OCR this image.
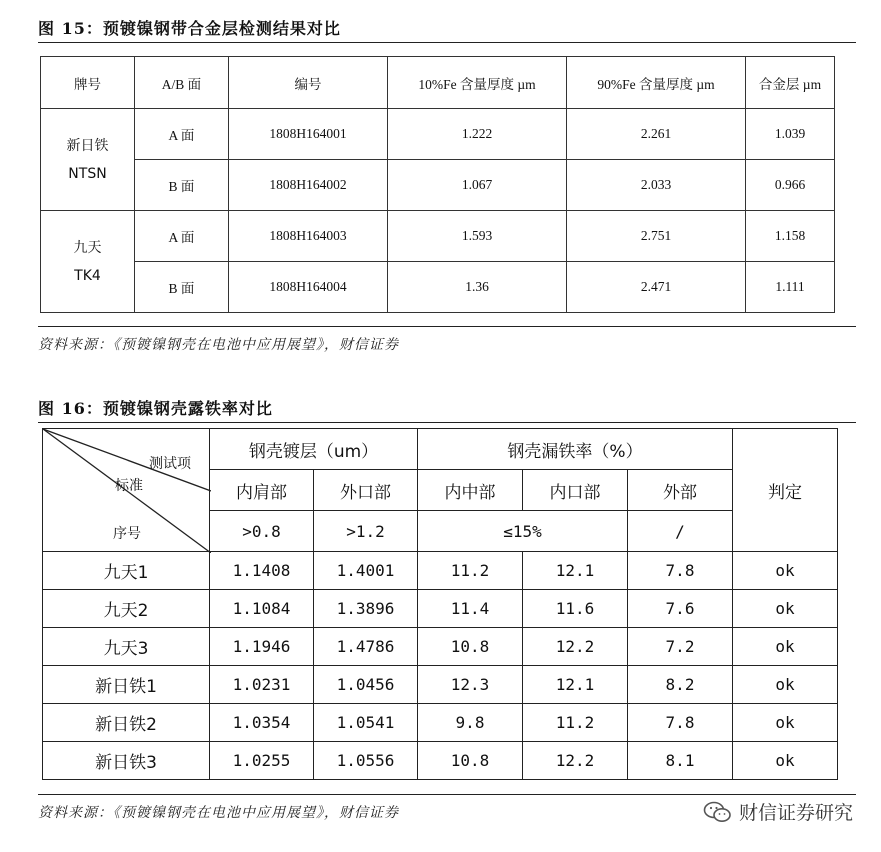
图 15：预镀镍钢带合金层检测结果对比
牌号	A/B 面	编号	10%Fe 含量厚度 µm	90%Fe 含量厚度 µm	合金层 µm

新日铁
NTSN	A 面	1808H164001	1.222	2.261	1.039
	B 面	1808H164002	1.067	2.033	0.966

九天
TK4	A 面	1808H164003	1.593	2.751	1.158
	B 面	1808H164004	1.36	2.471	1.111
资料来源：《预镀镍钢壳在电池中应用展望》，财信证券
图 16：预镀镍钢壳露铁率对比
测试项
标准
序号	钢壳镀层（um）		钢壳漏铁率（%）			判定
	内肩部	外口部	内中部	内口部	外部	
	>0.8	>1.2	≤15%		/	
九天1	1.1408	1.4001	11.2	12.1	7.8	ok
九天2	1.1084	1.3896	11.4	11.6	7.6	ok
九天3	1.1946	1.4786	10.8	12.2	7.2	ok
新日铁1	1.0231	1.0456	12.3	12.1	8.2	ok
新日铁2	1.0354	1.0541	9.8	11.2	7.8	ok
新日铁3	1.0255	1.0556	10.8	12.2	8.1	ok
资料来源：《预镀镍钢壳在电池中应用展望》，财信证券	财信证券研究
